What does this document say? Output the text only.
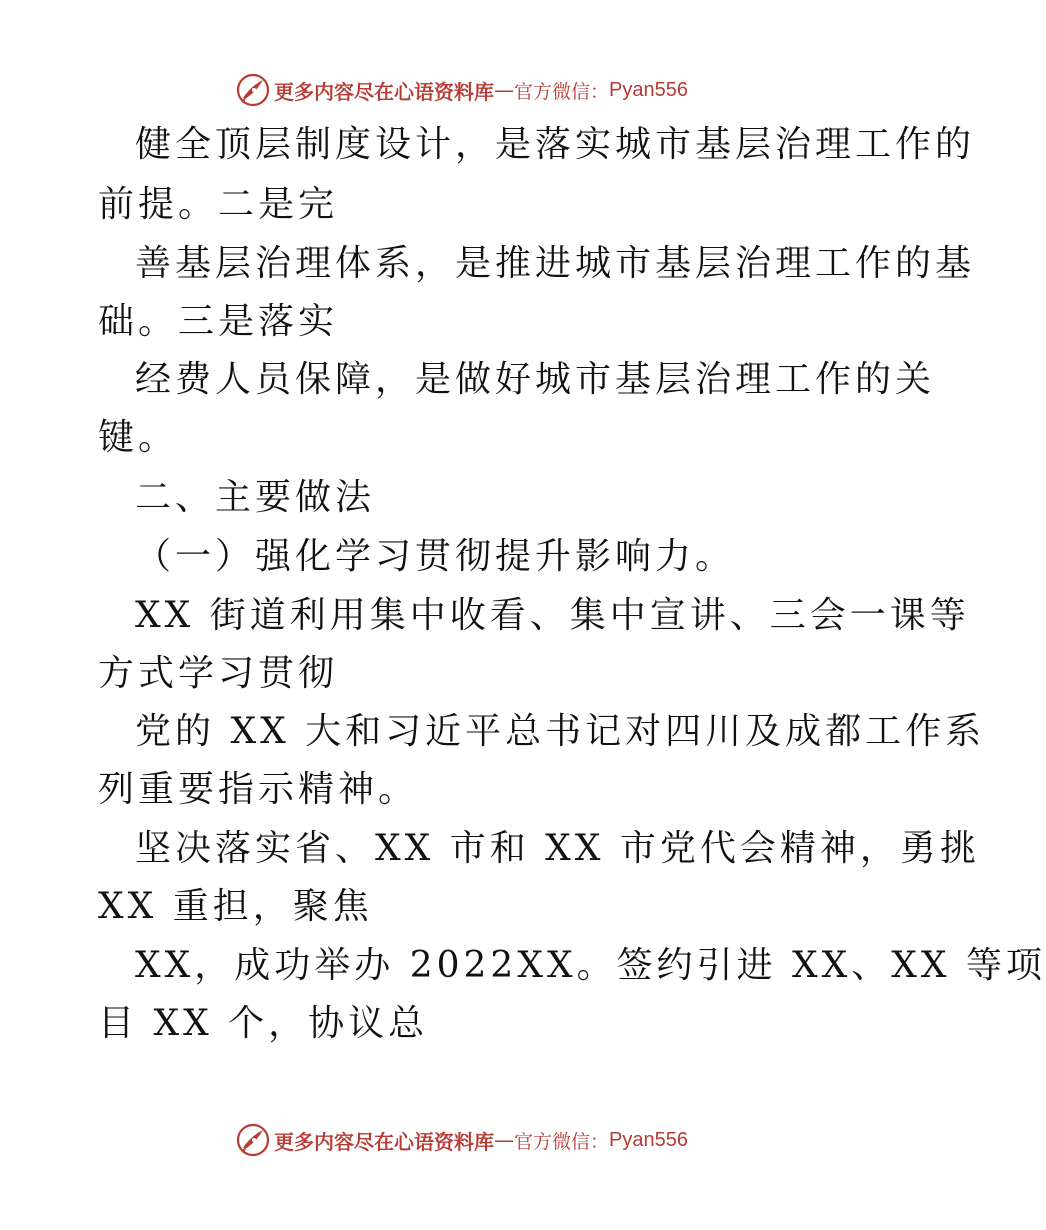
更多内容尽在心语资料库 — 官方微信： Pyan556
健全顶层制度设计，是落实城市基层治理工作的
前提。二是完
善基层治理体系，是推进城市基层治理工作的基
础。三是落实
经费人员保障，是做好城市基层治理工作的关
键。
二、主要做法
（一）强化学习贯彻提升影响力。
XX 街道利用集中收看、集中宣讲、三会一课等
方式学习贯彻
党的 XX 大和习近平总书记对四川及成都工作系
列重要指示精神。
坚决落实省、XX 市和 XX 市党代会精神，勇挑
XX 重担，聚焦
XX，成功举办 2022XX。签约引进 XX、XX 等项
目 XX 个，协议总
更多内容尽在心语资料库 — 官方微信： Pyan556
